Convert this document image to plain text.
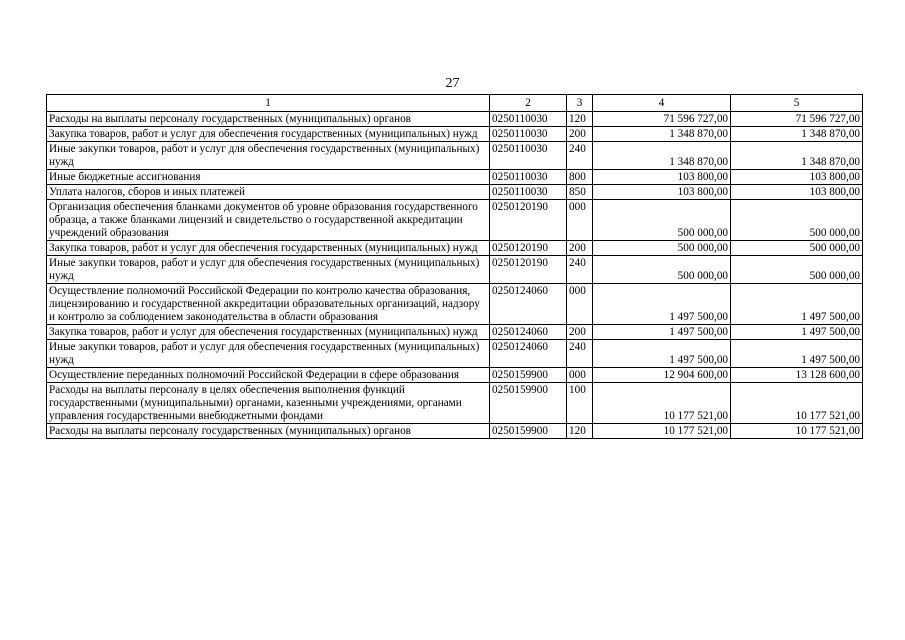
27
1	2	3	4	5
Расходы на выплаты персоналу государственных (муниципальных) органов	0250110030	120	71 596 727,00	71 596 727,00
Закупка товаров, работ и услуг для обеспечения государственных (муниципальных) нужд	0250110030	200	1 348 870,00	1 348 870,00
Иные закупки товаров, работ и услуг для обеспечения государственных (муниципальных) нужд	0250110030	240	1 348 870,00	1 348 870,00
Иные бюджетные ассигнования	0250110030	800	103 800,00	103 800,00
Уплата налогов, сборов и иных платежей	0250110030	850	103 800,00	103 800,00
Организация обеспечения бланками документов об уровне образования государственного образца, а также бланками лицензий и свидетельство о государственной аккредитации учреждений образования	0250120190	000	500 000,00	500 000,00
Закупка товаров, работ и услуг для обеспечения государственных (муниципальных) нужд	0250120190	200	500 000,00	500 000,00
Иные закупки товаров, работ и услуг для обеспечения государственных (муниципальных) нужд	0250120190	240	500 000,00	500 000,00
Осуществление полномочий Российской Федерации по контролю качества образования, лицензированию и государственной аккредитации образовательных организаций, надзору и контролю за соблюдением законодательства в области образования	0250124060	000	1 497 500,00	1 497 500,00
Закупка товаров, работ и услуг для обеспечения государственных (муниципальных) нужд	0250124060	200	1 497 500,00	1 497 500,00
Иные закупки товаров, работ и услуг для обеспечения государственных (муниципальных) нужд	0250124060	240	1 497 500,00	1 497 500,00
Осуществление переданных полномочий Российской Федерации в сфере образования	0250159900	000	12 904 600,00	13 128 600,00
Расходы на выплаты персоналу в целях обеспечения выполнения функций государственными (муниципальными) органами, казенными учреждениями, органами управления государственными внебюджетными фондами	0250159900	100	10 177 521,00	10 177 521,00
Расходы на выплаты персоналу государственных (муниципальных) органов	0250159900	120	10 177 521,00	10 177 521,00
